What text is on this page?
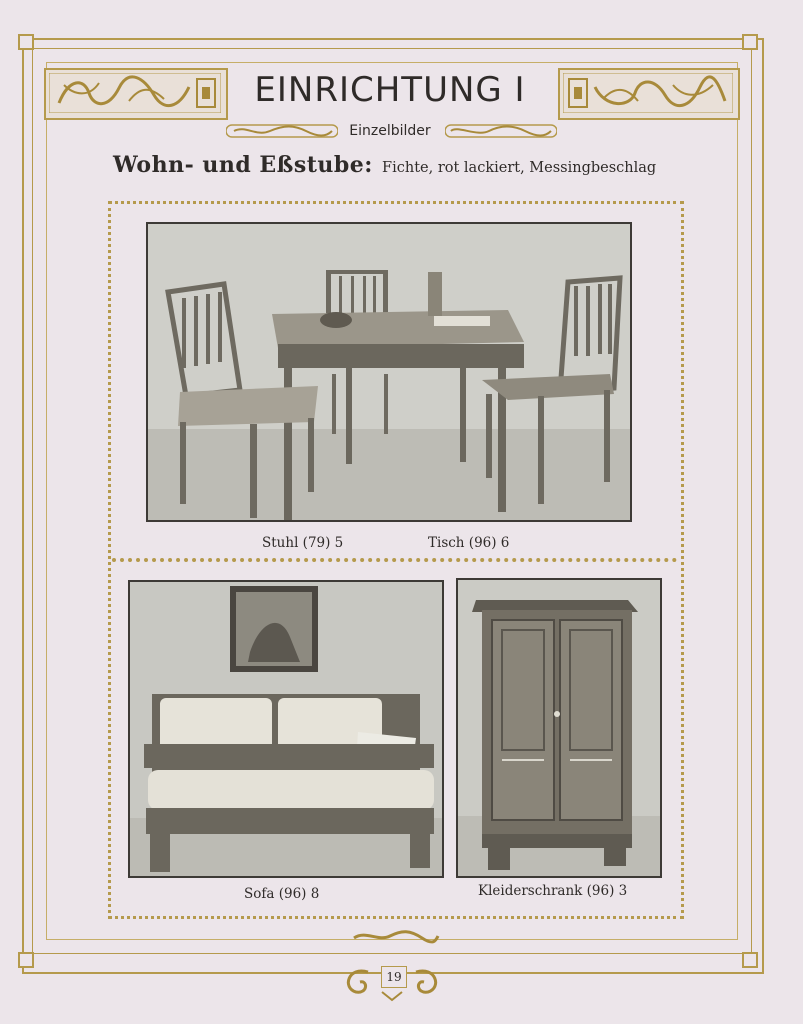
EINRICHTUNG I
Einzelbilder
Wohn- und Eßstube: Fichte, rot lackiert, Messingbeschlag
Stuhl (79) 5	Tisch (96) 6
Sofa (96) 8	Kleiderschrank (96) 3
19
